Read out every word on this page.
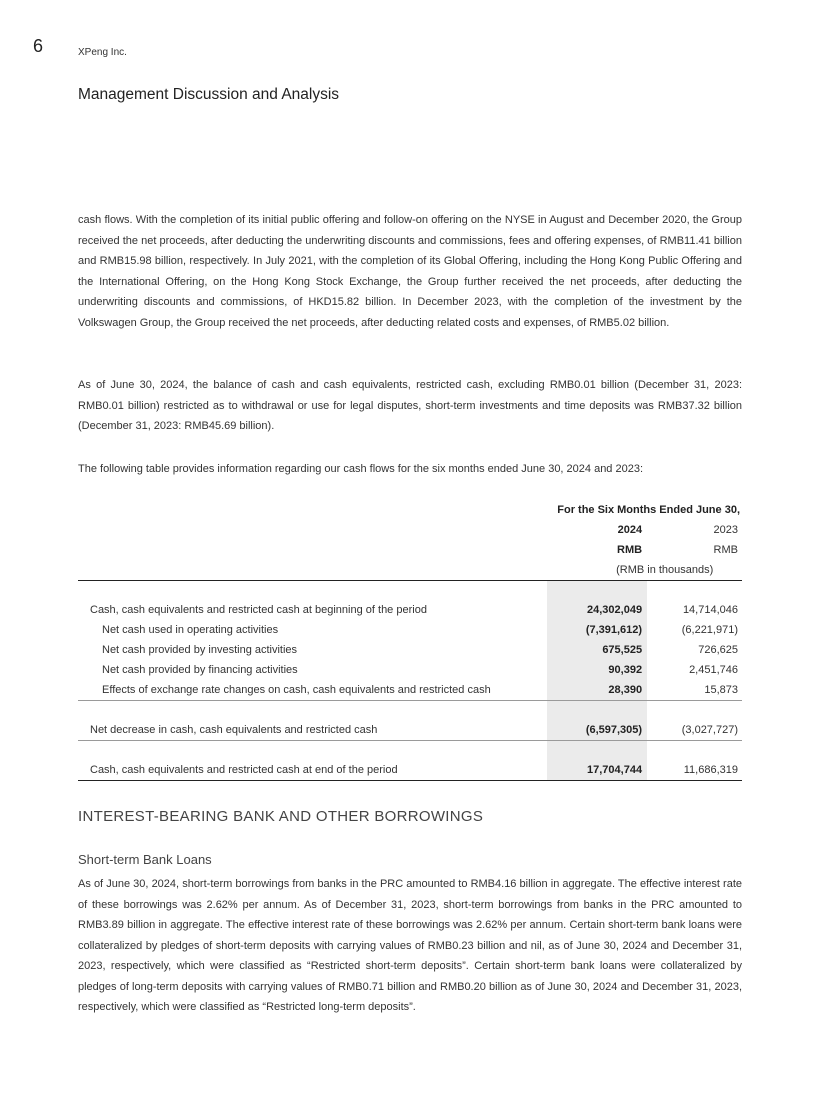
6	XPeng Inc.
Management Discussion and Analysis

cash flows. With the completion of its initial public offering and follow-on offering on the NYSE in August and December 2020, the Group received the net proceeds, after deducting the underwriting discounts and commissions, fees and offering expenses, of RMB11.41 billion and RMB15.98 billion, respectively. In July 2021, with the completion of its Global Offering, including the Hong Kong Public Offering and the International Offering, on the Hong Kong Stock Exchange, the Group further received the net proceeds, after deducting the underwriting discounts and commissions, of HKD15.82 billion. In December 2023, with the completion of the investment by the Volkswagen Group, the Group received the net proceeds, after deducting related costs and expenses, of RMB5.02 billion.

As of June 30, 2024, the balance of cash and cash equivalents, restricted cash, excluding RMB0.01 billion (December 31, 2023: RMB0.01 billion) restricted as to withdrawal or use for legal disputes, short-term investments and time deposits was RMB37.32 billion (December 31, 2023: RMB45.69 billion).

The following table provides information regarding our cash flows for the six months ended June 30, 2024 and 2023:

	For the Six Months Ended June 30,	
	2024	2023
	RMB	RMB
	(RMB in thousands)	

Cash, cash equivalents and restricted cash at beginning of the period	24,302,049	14,714,046
Net cash used in operating activities	(7,391,612)	(6,221,971)
Net cash provided by investing activities	675,525	726,625
Net cash provided by financing activities	90,392	2,451,746
Effects of exchange rate changes on cash, cash equivalents and restricted cash	28,390	15,873

Net decrease in cash, cash equivalents and restricted cash	(6,597,305)	(3,027,727)

Cash, cash equivalents and restricted cash at end of the period	17,704,744	11,686,319
INTEREST-BEARING BANK AND OTHER BORROWINGS
Short-term Bank Loans

As of June 30, 2024, short-term borrowings from banks in the PRC amounted to RMB4.16 billion in aggregate. The effective interest rate of these borrowings was 2.62% per annum. As of December 31, 2023, short-term borrowings from banks in the PRC amounted to RMB3.89 billion in aggregate. The effective interest rate of these borrowings was 2.62% per annum. Certain short-term bank loans were collateralized by pledges of short-term deposits with carrying values of RMB0.23 billion and nil, as of June 30, 2024 and December 31, 2023, respectively, which were classified as “Restricted short-term deposits”. Certain short-term bank loans were collateralized by pledges of long-term deposits with carrying values of RMB0.71 billion and RMB0.20 billion as of June 30, 2024 and December 31, 2023, respectively, which were classified as “Restricted long-term deposits”.
